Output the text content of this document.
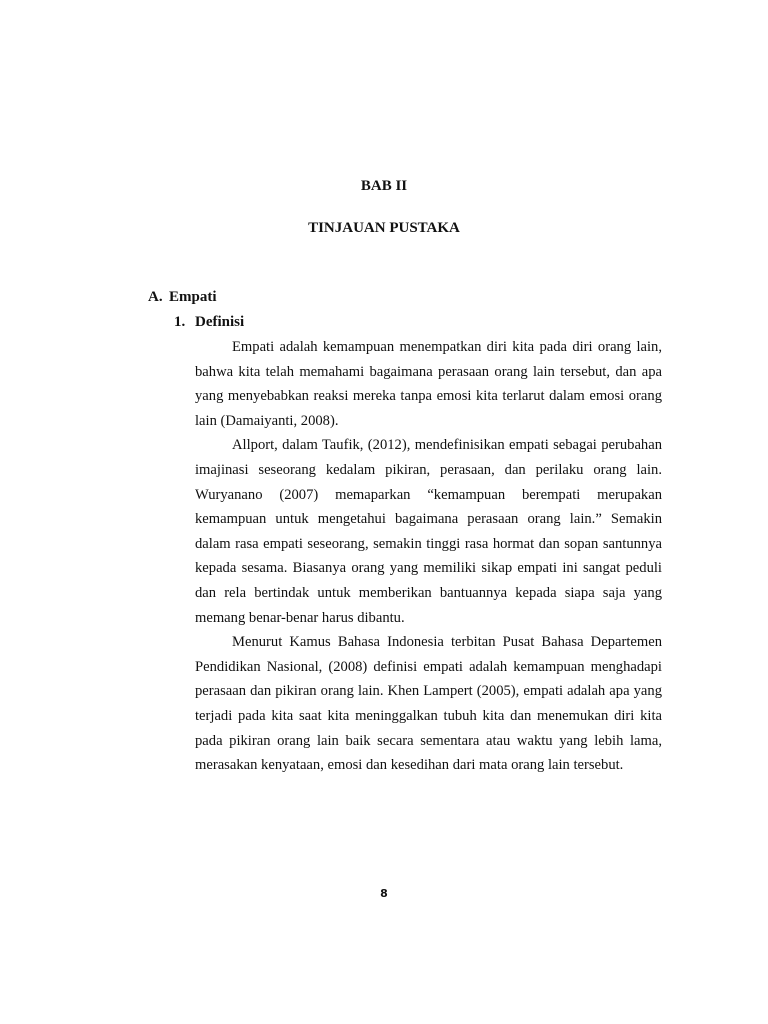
BAB II
TINJAUAN PUSTAKA
A. Empati
1. Definisi

Empati adalah kemampuan menempatkan diri kita pada diri orang lain, bahwa kita telah memahami bagaimana perasaan orang lain tersebut, dan apa yang menyebabkan reaksi mereka tanpa emosi kita terlarut dalam emosi orang lain (Damaiyanti, 2008).

Allport, dalam Taufik, (2012), mendefinisikan empati sebagai perubahan imajinasi seseorang kedalam pikiran, perasaan, dan perilaku orang lain. Wuryanano (2007) memaparkan “kemampuan berempati merupakan kemampuan untuk mengetahui bagaimana perasaan orang lain.” Semakin dalam rasa empati seseorang, semakin tinggi rasa hormat dan sopan santunnya kepada sesama. Biasanya orang yang memiliki sikap empati ini sangat peduli dan rela bertindak untuk memberikan bantuannya kepada siapa saja yang memang benar-benar harus dibantu.

Menurut Kamus Bahasa Indonesia terbitan Pusat Bahasa Departemen Pendidikan Nasional, (2008) definisi empati adalah kemampuan menghadapi perasaan dan pikiran orang lain. Khen Lampert (2005), empati adalah apa yang terjadi pada kita saat kita meninggalkan tubuh kita dan menemukan diri kita pada pikiran orang lain baik secara sementara atau waktu yang lebih lama, merasakan kenyataan, emosi dan kesedihan dari mata orang lain tersebut.

8
